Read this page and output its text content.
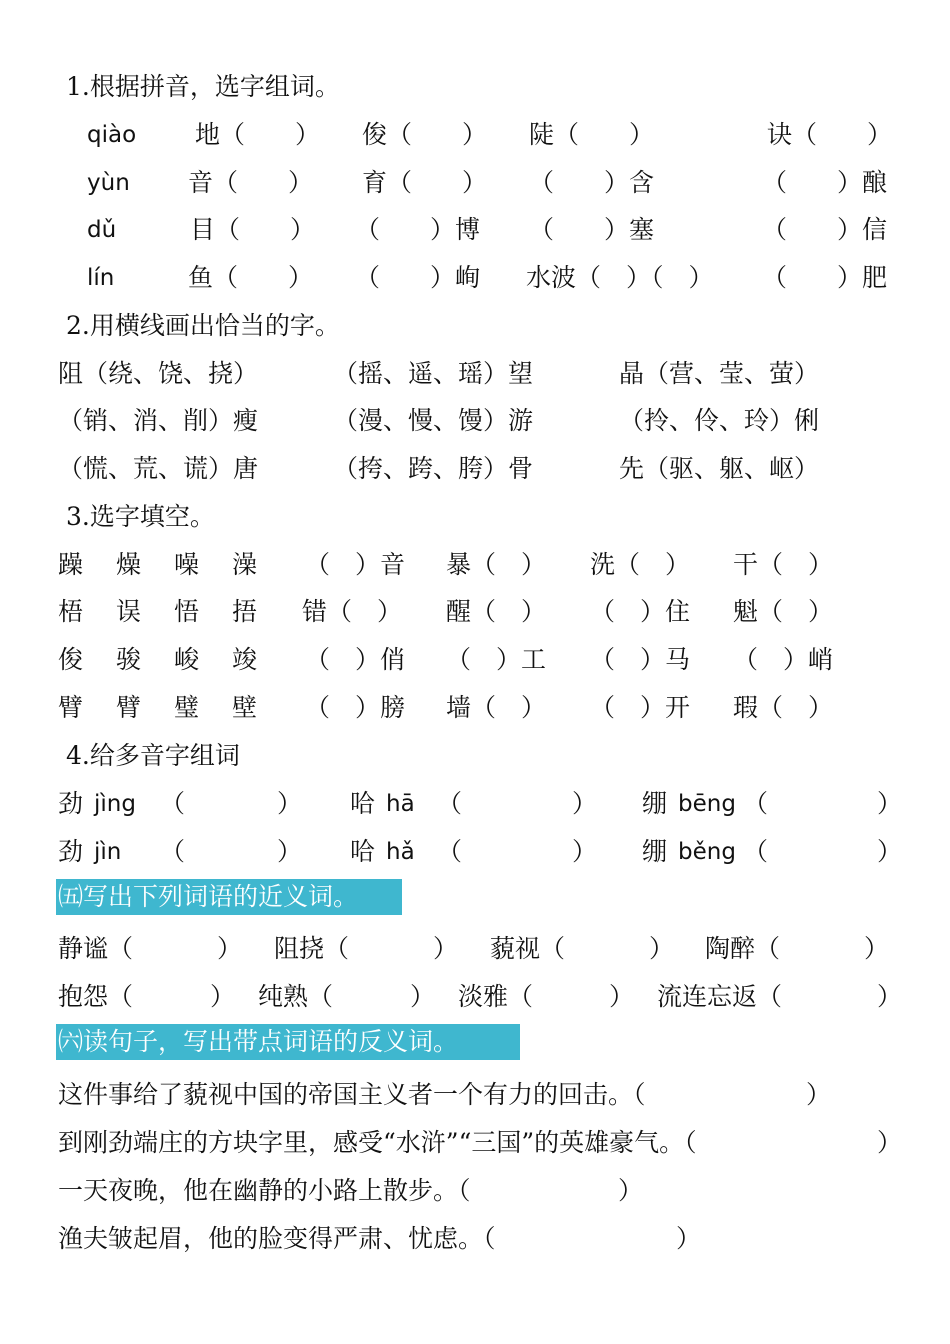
1.根据拼音，选字组词。
qiào 地（　　） 俊（　　） 陡（　　）	诀（　　）
yùn 音（　　） 育（　　） （　　）含	（　　）酿
dǔ	目（　　） （　　）博 （　　）塞	（　　）信
lín	鱼（　　） （　　）峋 水波（　）（　） （　　）肥
2.用横线画出恰当的字。
阻（绕、饶、挠）	（摇、遥、瑶）望	晶（营、莹、萤）
（销、消、削）瘦	（漫、慢、馒）游	（拎、伶、玲）俐
（慌、荒、谎）唐	（挎、跨、胯）骨	先（驱、躯、岖）
3.选字填空。
躁 燥 噪 澡 （　）音 暴（　） 洗（　） 干（　）
梧 误 悟 捂 错（　） 醒（　） （　）住 魁（　）
俊 骏 峻 竣 （　）俏 （　）工 （　）马 （　）峭
臂 臂 璧 壁 （　）膀 墙（　） （　）开 瑕（　）
4.给多音字组词
劲 jìng （	） 哈 hā （	） 绷 bēng （	）
劲 jìn （	） 哈 hǎ （	） 绷 běng （	）
㈤写出下列词语的近义词。
静谧（	） 阻挠（	） 藐视（	） 陶醉（	）
抱怨（	） 纯熟（	） 淡雅（	） 流连忘返（	）
㈥读句子，写出带点词语的反义词。
这件事给了藐视中国的帝国主义者一个有力的回击。（	）
到刚劲端庄的方块字里，感受“水浒”“三国”的英雄豪气。（	）
一天夜晚，他在幽静的小路上散步。（	）
渔夫皱起眉，他的脸变得严肃、忧虑。（	）
